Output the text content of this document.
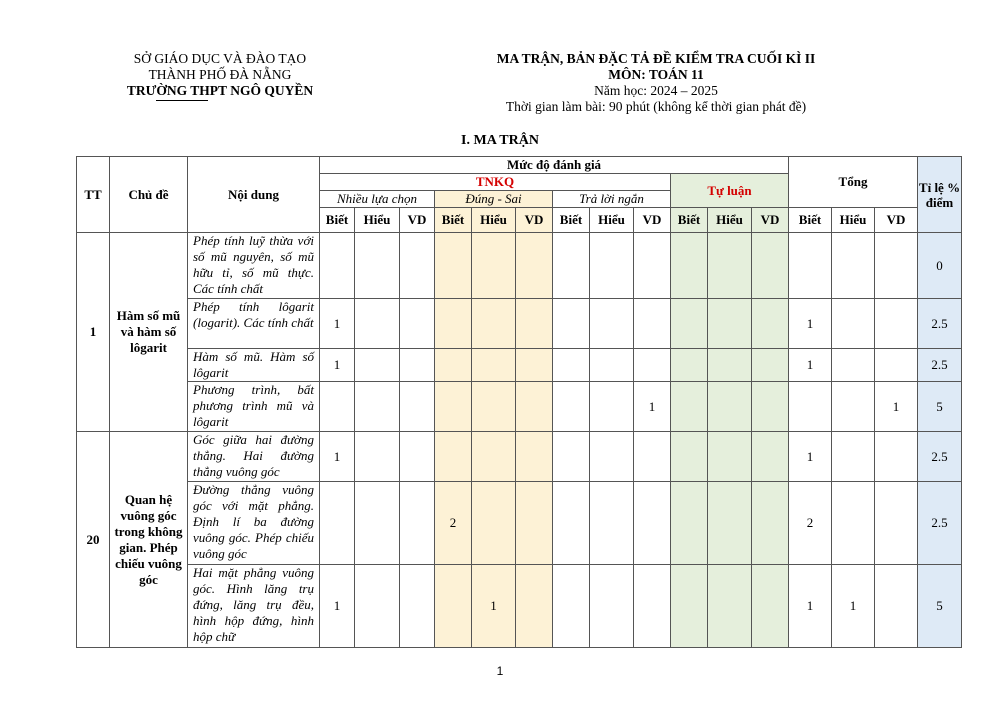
SỞ GIÁO DỤC VÀ ĐÀO TẠO
THÀNH PHỐ ĐÀ NẴNG
TRƯỜNG THPT NGÔ QUYỀN
MA TRẬN, BẢN ĐẶC TẢ ĐỀ KIỂM TRA CUỐI KÌ II
MÔN: TOÁN 11
Năm học: 2024 – 2025
Thời gian làm bài: 90 phút (không kể thời gian phát đề)
I. MA TRẬN
TT	Chủ đề	Nội dung	Mức độ đánh giá												Tổng			Tỉ lệ % điểm
			TNKQ									Tự luận						
			Nhiều lựa chọn			Đúng - Sai			Trả lời ngắn									
			Biết	Hiểu	VD	Biết	Hiểu	VD	Biết	Hiểu	VD	Biết	Hiểu	VD	Biết	Hiểu	VD	
1	Hàm số mũ và hàm số lôgarit	Phép tính luỹ thừa với số mũ nguyên, số mũ hữu tỉ, số mũ thực. Các tính chất																0
		Phép tính lôgarit (logarit). Các tính chất	1												1			2.5
		Hàm số mũ. Hàm số lôgarit	1												1			2.5
		Phương trình, bất phương trình mũ và lôgarit									1						1	5
20	Quan hệ vuông góc trong không gian. Phép chiếu vuông góc	Góc giữa hai đường thẳng. Hai đường thẳng vuông góc	1												1			2.5
		Đường thẳng vuông góc với mặt phẳng. Định lí ba đường vuông góc. Phép chiếu vuông góc				2									2			2.5
		Hai mặt phẳng vuông góc. Hình lăng trụ đứng, lăng trụ đều, hình hộp đứng, hình hộp chữ	1				1								1	1		5
1
